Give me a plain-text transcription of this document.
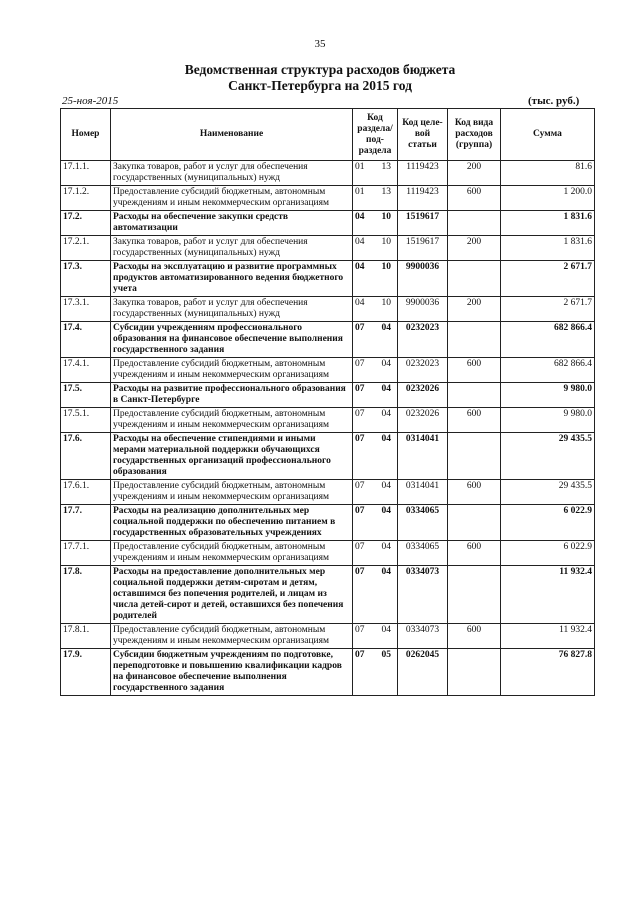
35
Ведомственная структура расходов бюджета
Санкт-Петербурга на 2015 год
25-ноя-2015	(тыс. руб.)
Номер	Наименование	Код раздела/ под-раздела	Код целе-вой статьи	Код вида расходов (группа)	Сумма
17.1.1.	Закупка товаров, работ и услуг для обеспечения государственных (муниципальных) нужд	01 13	1119423	200	81.6
17.1.2.	Предоставление субсидий бюджетным, автономным учреждениям и иным некоммерческим организациям	01 13	1119423	600	1 200.0
17.2.	Расходы на обеспечение закупки средств автоматизации	04 10	1519617		1 831.6
17.2.1.	Закупка товаров, работ и услуг для обеспечения государственных (муниципальных) нужд	04 10	1519617	200	1 831.6
17.3.	Расходы на эксплуатацию и развитие программных продуктов автоматизированного ведения бюджетного учета	04 10	9900036		2 671.7
17.3.1.	Закупка товаров, работ и услуг для обеспечения государственных (муниципальных) нужд	04 10	9900036	200	2 671.7
17.4.	Субсидии учреждениям профессионального образования на финансовое обеспечение выполнения государственного задания	07 04	0232023		682 866.4
17.4.1.	Предоставление субсидий бюджетным, автономным учреждениям и иным некоммерческим организациям	07 04	0232023	600	682 866.4
17.5.	Расходы на развитие профессионального образования в Санкт-Петербурге	07 04	0232026		9 980.0
17.5.1.	Предоставление субсидий бюджетным, автономным учреждениям и иным некоммерческим организациям	07 04	0232026	600	9 980.0
17.6.	Расходы на обеспечение стипендиями и иными мерами материальной поддержки обучающихся государственных организаций профессионального образования	07 04	0314041		29 435.5
17.6.1.	Предоставление субсидий бюджетным, автономным учреждениям и иным некоммерческим организациям	07 04	0314041	600	29 435.5
17.7.	Расходы на реализацию дополнительных мер социальной поддержки по обеспечению питанием в государственных образовательных учреждениях	07 04	0334065		6 022.9
17.7.1.	Предоставление субсидий бюджетным, автономным учреждениям и иным некоммерческим организациям	07 04	0334065	600	6 022.9
17.8.	Расходы на предоставление дополнительных мер социальной поддержки детям-сиротам и детям, оставшимся без попечения родителей, и лицам из числа детей-сирот и детей, оставшихся без попечения родителей	07 04	0334073		11 932.4
17.8.1.	Предоставление субсидий бюджетным, автономным учреждениям и иным некоммерческим организациям	07 04	0334073	600	11 932.4
17.9.	Субсидии бюджетным учреждениям по подготовке, переподготовке и повышению квалификации кадров на финансовое обеспечение выполнения государственного задания	07 05	0262045		76 827.8
